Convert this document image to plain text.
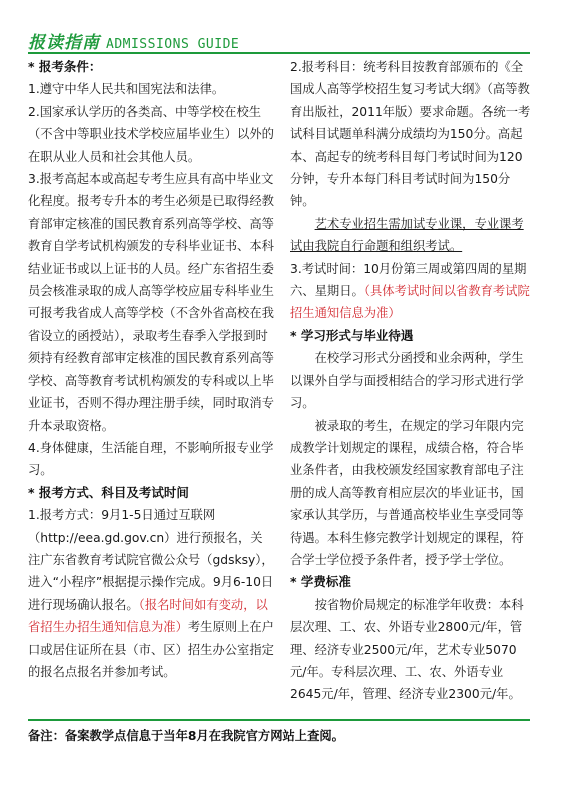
报读指南 ADMISSIONS GUIDE

* 报考条件：

1.遵守中华人民共和国宪法和法律。

2.国家承认学历的各类高、中等学校在校生（不含中等职业技术学校应届毕业生）以外的在职从业人员和社会其他人员。

3.报考高起本或高起专考生应具有高中毕业文化程度。报考专升本的考生必须是已取得经教育部审定核准的国民教育系列高等学校、高等教育自学考试机构颁发的专科毕业证书、本科结业证书或以上证书的人员。经广东省招生委员会核准录取的成人高等学校应届专科毕业生可报考我省成人高等学校（不含外省高校在我省设立的函授站），录取考生春季入学报到时须持有经教育部审定核准的国民教育系列高等学校、高等教育考试机构颁发的专科或以上毕业证书，否则不得办理注册手续，同时取消专升本录取资格。

4.身体健康，生活能自理，不影响所报专业学习。

* 报考方式、科目及考试时间

1.报考方式：9月1-5日通过互联网（http://eea.gd.gov.cn）进行预报名，关注广东省教育考试院官微公众号（gdsksy），进入“小程序”根据提示操作完成。9月6-10日进行现场确认报名。（报名时间如有变动，以省招生办招生通知信息为准）考生原则上在户口或居住证所在县（市、区）招生办公室指定的报名点报名并参加考试。

2.报考科目：统考科目按教育部颁布的《全国成人高等学校招生复习考试大纲》（高等教育出版社，2011年版）要求命题。各统一考试科目试题单科满分成绩均为150分。高起本、高起专的统考科目每门考试时间为120分钟，专升本每门科目考试时间为150分钟。

艺术专业招生需加试专业课，专业课考试由我院自行命题和组织考试。

3.考试时间：10月份第三周或第四周的星期六、星期日。（具体考试时间以省教育考试院招生通知信息为准）

* 学习形式与毕业待遇

在校学习形式分函授和业余两种，学生以课外自学与面授相结合的学习形式进行学习。

被录取的考生，在规定的学习年限内完成教学计划规定的课程，成绩合格，符合毕业条件者，由我校颁发经国家教育部电子注册的成人高等教育相应层次的毕业证书，国家承认其学历，与普通高校毕业生享受同等待遇。本科生修完教学计划规定的课程，符合学士学位授予条件者，授予学士学位。

* 学费标准

按省物价局规定的标准学年收费：本科层次理、工、农、外语专业2800元/年，管理、经济专业2500元/年，艺术专业5070元/年。专科层次理、工、农、外语专业2645元/年，管理、经济专业2300元/年。

备注：备案教学点信息于当年8月在我院官方网站上查阅。
